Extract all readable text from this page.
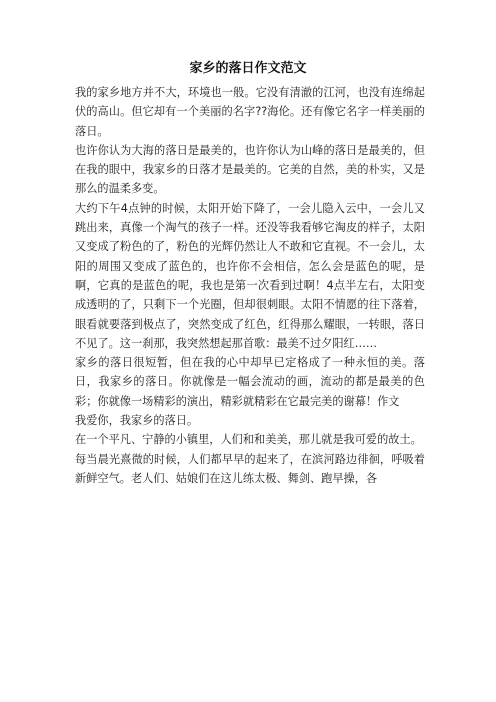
家乡的落日作文范文

我的家乡地方并不大，环境也一般。它没有清澈的江河，也没有连绵起伏的高山。但它却有一个美丽的名字??海伦。还有像它名字一样美丽的落日。

也许你认为大海的落日是最美的，也许你认为山峰的落日是最美的，但在我的眼中，我家乡的日落才是最美的。它美的自然，美的朴实，又是那么的温柔多变。

大约下午4点钟的时候，太阳开始下降了，一会儿隐入云中，一会儿又跳出来，真像一个淘气的孩子一样。还没等我看够它淘皮的样子，太阳又变成了粉色的了，粉色的光辉仍然让人不敢和它直视。不一会儿，太阳的周围又变成了蓝色的，也许你不会相信，怎么会是蓝色的呢，是啊，它真的是蓝色的呢，我也是第一次看到过啊！4点半左右，太阳变成透明的了，只剩下一个光圈，但却很刺眼。太阳不情愿的往下落着，眼看就要落到极点了，突然变成了红色，红得那么耀眼，一转眼，落日不见了。这一刹那，我突然想起那首歌：最美不过夕阳红……

家乡的落日很短暂，但在我的心中却早已定格成了一种永恒的美。落日，我家乡的落日。你就像是一幅会流动的画，流动的都是最美的色彩；你就像一场精彩的演出，精彩就精彩在它最完美的谢幕！作文

我爱你，我家乡的落日。

在一个平凡、宁静的小镇里，人们和和美美，那儿就是我可爱的故土。

每当晨光熹微的时候，人们都早早的起来了，在滨河路边徘徊，呼吸着新鲜空气。老人们、姑娘们在这儿练太极、舞剑、跑早操，各
